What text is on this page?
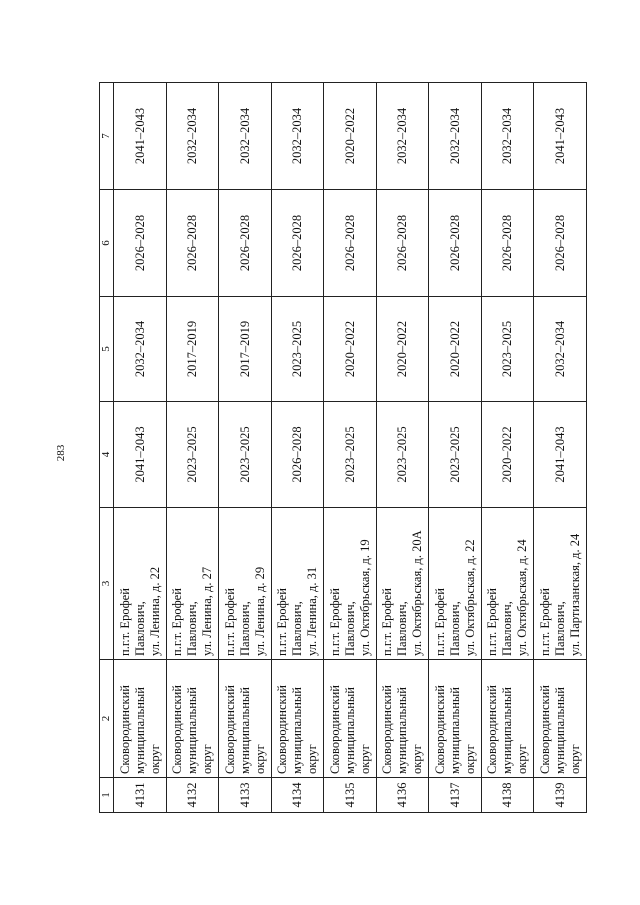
283
1	2	3	4	5	6	7
4131	Сковородинский муниципальный округ	п.г.т. Ерофей Павлович, ул. Ленина, д. 22	2041–2043	2032–2034	2026–2028	2041–2043
4132	Сковородинский муниципальный округ	п.г.т. Ерофей Павлович, ул. Ленина, д. 27	2023–2025	2017–2019	2026–2028	2032–2034
4133	Сковородинский муниципальный округ	п.г.т. Ерофей Павлович, ул. Ленина, д. 29	2023–2025	2017–2019	2026–2028	2032–2034
4134	Сковородинский муниципальный округ	п.г.т. Ерофей Павлович, ул. Ленина, д. 31	2026–2028	2023–2025	2026–2028	2032–2034
4135	Сковородинский муниципальный округ	п.г.т. Ерофей Павлович, ул. Октябрьская, д. 19	2023–2025	2020–2022	2026–2028	2020–2022
4136	Сковородинский муниципальный округ	п.г.т. Ерофей Павлович, ул. Октябрьская, д. 20А	2023–2025	2020–2022	2026–2028	2032–2034
4137	Сковородинский муниципальный округ	п.г.т. Ерофей Павлович, ул. Октябрьская, д. 22	2023–2025	2020–2022	2026–2028	2032–2034
4138	Сковородинский муниципальный округ	п.г.т. Ерофей Павлович, ул. Октябрьская, д. 24	2020–2022	2023–2025	2026–2028	2032–2034
4139	Сковородинский муниципальный округ	п.г.т. Ерофей Павлович, ул. Партизанская, д. 24	2041–2043	2032–2034	2026–2028	2041–2043
